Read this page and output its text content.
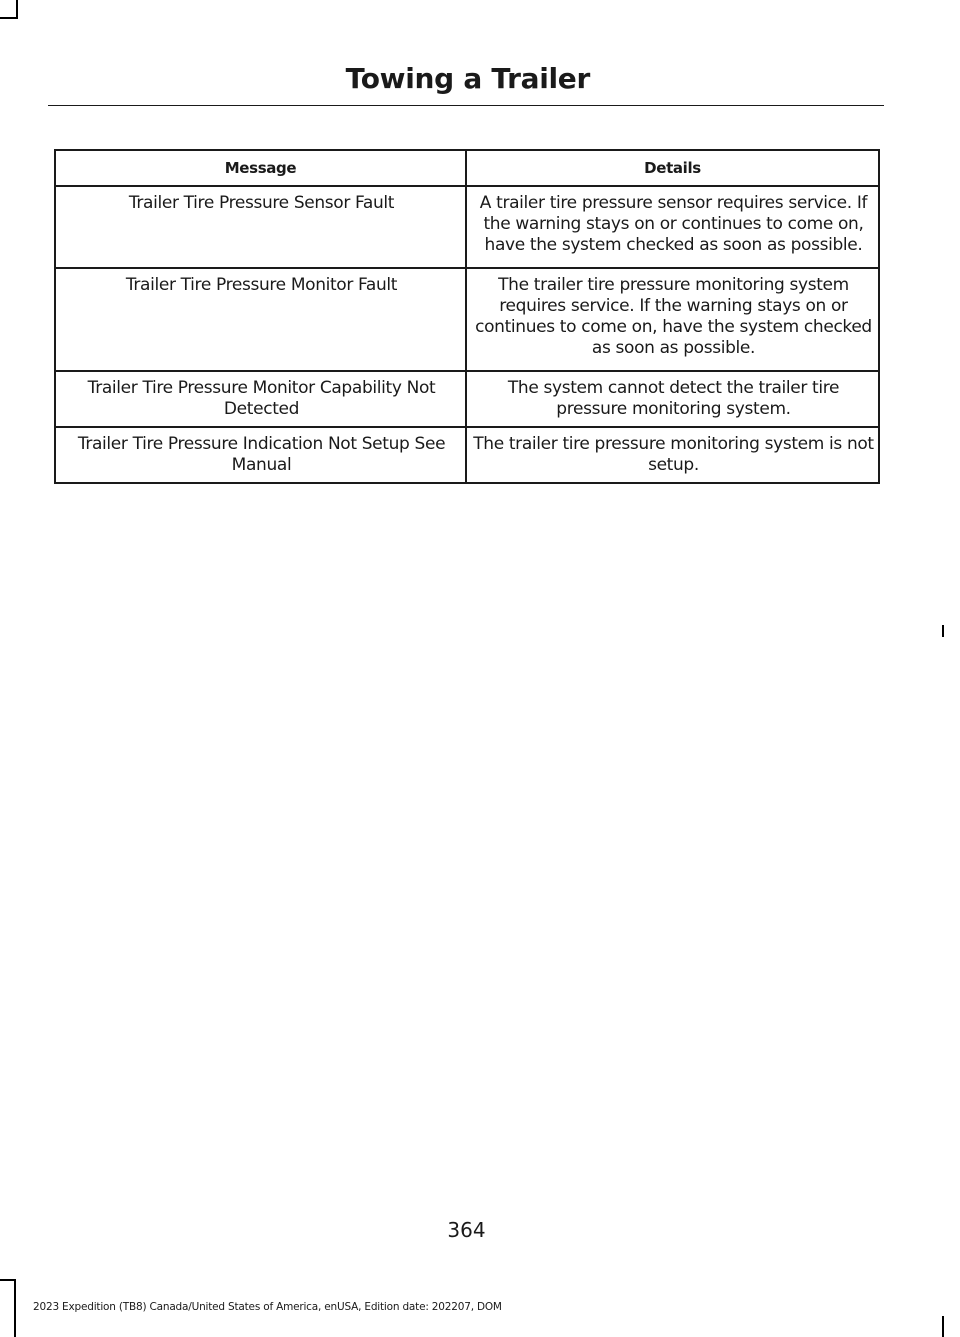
Towing a Trailer
Message	Details
Trailer Tire Pressure Sensor Fault	A trailer tire pressure sensor requires service. If the warning stays on or continues to come on, have the system checked as soon as possible.
Trailer Tire Pressure Monitor Fault	The trailer tire pressure monitoring system requires service. If the warning stays on or continues to come on, have the system checked as soon as possible.
Trailer Tire Pressure Monitor Capability Not Detected	The system cannot detect the trailer tire pressure monitoring system.
Trailer Tire Pressure Indication Not Setup See Manual	The trailer tire pressure monitoring system is not setup.
364
2023 Expedition (TB8) Canada/United States of America, enUSA, Edition date: 202207, DOM
